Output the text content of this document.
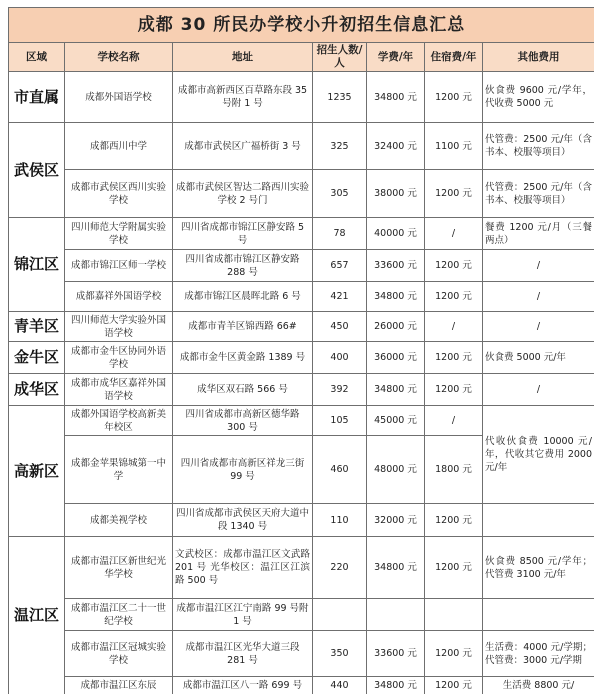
成都 30 所民办学校小升初招生信息汇总						
区域	学校名称	地址	招生人数/人	学费/年	住宿费/年	其他费用
市直属	成都外国语学校	成都市高新西区百草路东段 35 号附 1 号	1235	34800 元	1200 元	伙食费 9600 元/学年，代收费 5000 元
武侯区	成都西川中学	成都市武侯区广福桥街 3 号	325	32400 元	1100 元	代管费：2500 元/年（含书本、校服等项目）
	成都市武侯区西川实验学校	成都市武侯区智达二路西川实验学校 2 号门	305	38000 元	1200 元	代管费：2500 元/年（含书本、校服等项目）
锦江区	四川师范大学附属实验学校	四川省成都市锦江区静安路 5 号	78	40000 元	/	餐费 1200 元/月（三餐两点）
	成都市锦江区师一学校	四川省成都市锦江区静安路 288 号	657	33600 元	1200 元	/
	成都嘉祥外国语学校	成都市锦江区晨晖北路 6 号	421	34800 元	1200 元	/
青羊区	四川师范大学实验外国语学校	成都市青羊区锦西路 66#	450	26000 元	/	/
金牛区	成都市金牛区协同外语学校	成都市金牛区黄金路 1389 号	400	36000 元	1200 元	伙食费 5000 元/年
成华区	成都市成华区嘉祥外国语学校	成华区双石路 566 号	392	34800 元	1200 元	/
高新区	成都外国语学校高新美年校区	四川省成都市高新区德华路 300 号	105	45000 元	/	代收伙食费 10000 元/年，代收其它费用 2000 元/年
	成都金苹果锦城第一中学	四川省成都市高新区祥龙三街 99 号	460	48000 元	1800 元	
	成都美视学校	四川省成都市武侯区天府大道中段 1340 号	110	32000 元	1200 元	
温江区	成都市温江区新世纪光华学校	文武校区：成都市温江区文武路 201 号 光华校区：温江区江滨路 500 号	220	34800 元	1200 元	伙食费 8500 元/学年；代管费 3100 元/年
	成都市温江区二十一世纪学校	成都市温江区江宁南路 99 号附 1 号				
	成都市温江区冠城实验学校	成都市温江区光华大道三段 281 号	350	33600 元	1200 元	生活费：4000 元/学期；代管费：3000 元/学期
	成都市温江区东辰	成都市温江区八一路 699 号	440	34800 元	1200 元	生活费 8800 元/
